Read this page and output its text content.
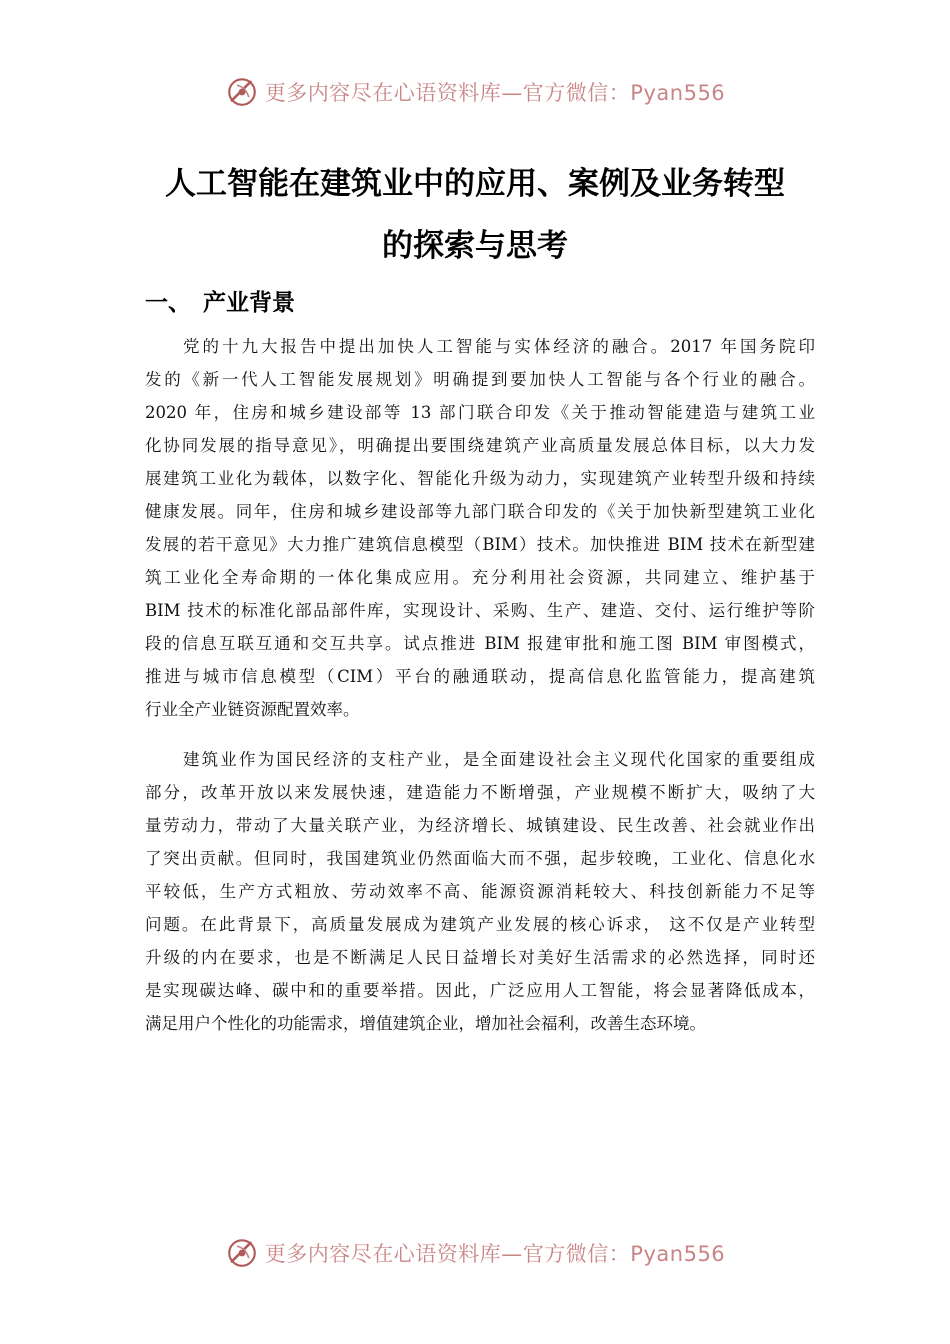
更多内容尽在心语资料库—官方微信：Pyan556
人工智能在建筑业中的应用、案例及业务转型
的探索与思考
一、 产业背景

党的十九大报告中提出加快人工智能与实体经济的融合。2017 年国务院印
发的《新一代人工智能发展规划》明确提到要加快人工智能与各个行业的融合。
2020 年，住房和城乡建设部等 13 部门联合印发《关于推动智能建造与建筑工业
化协同发展的指导意见》，明确提出要围绕建筑产业高质量发展总体目标，以大力发
展建筑工业化为载体，以数字化、智能化升级为动力，实现建筑产业转型升级和持续
健康发展。同年，住房和城乡建设部等九部门联合印发的《关于加快新型建筑工业化
发展的若干意见》大力推广建筑信息模型（BIM）技术。加快推进 BIM 技术在新型建
筑工业化全寿命期的一体化集成应用。充分利用社会资源，共同建立、维护基于
BIM 技术的标准化部品部件库，实现设计、采购、生产、建造、交付、运行维护等阶
段的信息互联互通和交互共享。试点推进 BIM 报建审批和施工图 BIM 审图模式，
推进与城市信息模型（CIM）平台的融通联动，提高信息化监管能力，提高建筑
行业全产业链资源配置效率。

建筑业作为国民经济的支柱产业，是全面建设社会主义现代化国家的重要组成
部分，改革开放以来发展快速，建造能力不断增强，产业规模不断扩大，吸纳了大
量劳动力，带动了大量关联产业，为经济增长、城镇建设、民生改善、社会就业作出
了突出贡献。但同时，我国建筑业仍然面临大而不强，起步较晚，工业化、信息化水
平较低，生产方式粗放、劳动效率不高、能源资源消耗较大、科技创新能力不足等
问题。在此背景下，高质量发展成为建筑产业发展的核心诉求， 这不仅是产业转型
升级的内在要求，也是不断满足人民日益增长对美好生活需求的必然选择，同时还
是实现碳达峰、碳中和的重要举措。因此，广泛应用人工智能，将会显著降低成本，
满足用户个性化的功能需求，增值建筑企业，增加社会福利，改善生态环境。

更多内容尽在心语资料库—官方微信：Pyan556
